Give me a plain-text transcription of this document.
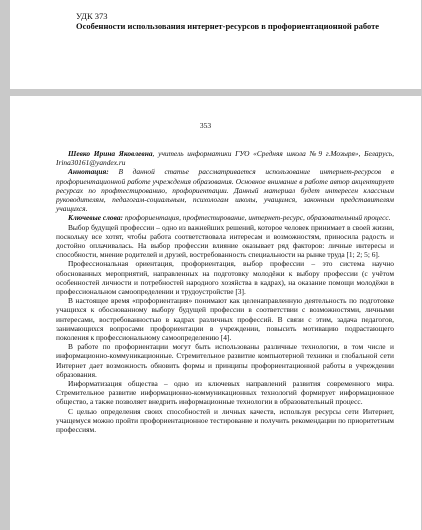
УДК 373
Особенности использования интернет-ресурсов в профориентационной работе
353

Шевко Ирина Яковлевна, учитель информатики ГУО «Средняя школа №9 г.Мозыря», Беларусь, Irina30161@yandex.ru

Аннотация: В данной статье рассматривается использование интернет-ресурсов в профориентационной работе учреждения образования. Основное внимание в работе автор акцентирует ресурсах по профтестированию, профориентации. Данный материал будет интересен классным руководителям, педагогам-социальным, психологам школы, учащимся, законным представителям учащихся.

Ключевые слова: профориентация, профтестирование, интернет-ресурс, образовательный процесс.

Выбор будущей профессии – одно из важнейших решений, которое человек принимает в своей жизни, поскольку все хотят, чтобы работа соответствовала интересам и возможностям, приносила радость и достойно оплачивалась. На выбор профессии влияние оказывает ряд факторов: личные интересы и способности, мнение родителей и друзей, востребованность специальности на рынке труда [1; 2; 5; 6].

Профессиональная ориентация, профориентация, выбор профессии – это система научно обоснованных мероприятий, направленных на подготовку молодёжи к выбору профессии (с учётом особенностей личности и потребностей народного хозяйства в кадрах), на оказание помощи молодёжи в профессиональном самоопределении и трудоустройстве [3].

В настоящее время «профориентация» понимают как целенаправленную деятельность по подготовке учащихся к обоснованному выбору будущей профессии в соответствии с возможностями, личными интересами, востребованностью в кадрах различных профессий. В связи с этим, задача педагогов, занимающихся вопросами профориентации в учреждении, повысить мотивацию подрастающего поколения к профессиональному самоопределению [4].

В работе по профориентации могут быть использованы различные технологии, в том числе и информационно-коммуникационные. Стремительное развитие компьютерной техники и глобальной сети Интернет дает возможность обновить формы и принципы профориентационной работы в учреждении образования.

Информатизация общества – одно из ключевых направлений развития современного мира. Стремительное развитие информационно-коммуникационных технологий формирует информационное общество, а также позволяет внедрить информационные технологии в образовательный процесс.

С целью определения своих способностей и личных качеств, используя ресурсы сети Интернет, учащемуся можно пройти профориентационное тестирование и получить рекомендации по приоритетным профессиям.
